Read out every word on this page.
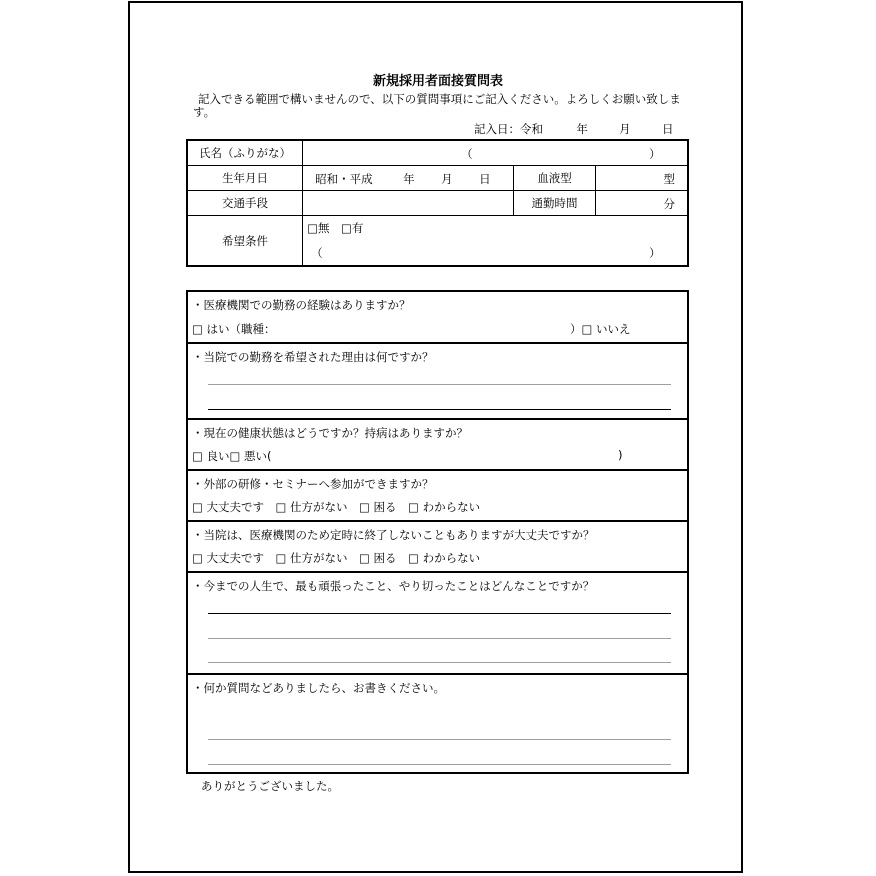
新規採用者面接質問表
記入できる範囲で構いませんので、以下の質問事項にご記入ください。よろしくお願い致します。
記入日：令和	年	月	日
氏名（ふりがな）	（ ）		

生年月日	昭和・平成 年 月 日	血液型	型

交通手段		通勤時間	分

希望条件	□無　□有
（ ）		
・医療機関での勤務の経験はありますか？
□ はい（職種：	）□ いいえ
・当院での勤務を希望された理由は何ですか？
・現在の健康状態はどうですか？持病はありますか？
□ 良い□ 悪い(	)
・外部の研修・セミナーへ参加ができますか？
□ 大丈夫です　□ 仕方がない　□ 困る　□ わからない
・当院は、医療機関のため定時に終了しないこともありますが大丈夫ですか？
□ 大丈夫です　□ 仕方がない　□ 困る　□ わからない
・今までの人生で、最も頑張ったこと、やり切ったことはどんなことですか？
・何か質問などありましたら、お書きください。
ありがとうございました。
